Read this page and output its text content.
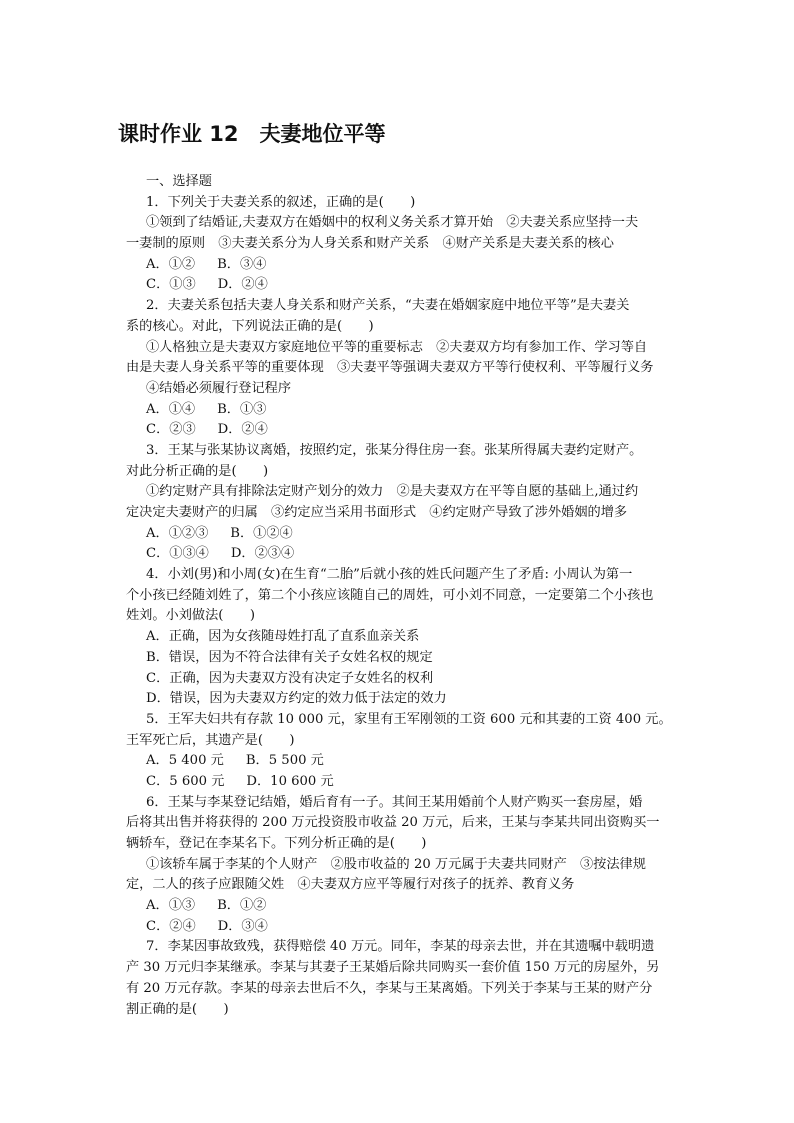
课时作业 12　夫妻地位平等
一、选择题
1．下列关于夫妻关系的叙述，正确的是(　　)
①领到了结婚证,夫妻双方在婚姻中的权利义务关系才算开始　②夫妻关系应坚持一夫
一妻制的原则　③夫妻关系分为人身关系和财产关系　④财产关系是夫妻关系的核心
A．①② B．③④
C．①③ D．②④
2．夫妻关系包括夫妻人身关系和财产关系，“夫妻在婚姻家庭中地位平等”是夫妻关
系的核心。对此，下列说法正确的是(　　)
①人格独立是夫妻双方家庭地位平等的重要标志　②夫妻双方均有参加工作、学习等自
由是夫妻人身关系平等的重要体现　③夫妻平等强调夫妻双方平等行使权利、平等履行义务
④结婚必须履行登记程序
A．①④ B．①③
C．②③ D．②④
3．王某与张某协议离婚，按照约定，张某分得住房一套。张某所得属夫妻约定财产。
对此分析正确的是(　　)
①约定财产具有排除法定财产划分的效力　②是夫妻双方在平等自愿的基础上,通过约
定决定夫妻财产的归属　③约定应当采用书面形式　④约定财产导致了涉外婚姻的增多
A．①②③ B．①②④
C．①③④ D．②③④
4．小刘(男)和小周(女)在生育“二胎”后就小孩的姓氏问题产生了矛盾: 小周认为第一
个小孩已经随刘姓了，第二个小孩应该随自己的周姓，可小刘不同意，一定要第二个小孩也
姓刘。小刘做法(　　)
A．正确，因为女孩随母姓打乱了直系血亲关系
B．错误，因为不符合法律有关子女姓名权的规定
C．正确，因为夫妻双方没有决定子女姓名的权利
D．错误，因为夫妻双方约定的效力低于法定的效力
5．王军夫妇共有存款 10 000 元，家里有王军刚领的工资 600 元和其妻的工资 400 元。
王军死亡后，其遗产是(　　)
A．5 400 元 B．5 500 元
C．5 600 元 D．10 600 元
6．王某与李某登记结婚，婚后育有一子。其间王某用婚前个人财产购买一套房屋，婚
后将其出售并将获得的 200 万元投资股市收益 20 万元，后来，王某与李某共同出资购买一
辆轿车，登记在李某名下。下列分析正确的是(　　)
①该轿车属于李某的个人财产　②股市收益的 20 万元属于夫妻共同财产　③按法律规
定，二人的孩子应跟随父姓　④夫妻双方应平等履行对孩子的抚养、教育义务
A．①③ B．①②
C．②④ D．③④
7．李某因事故致残，获得赔偿 40 万元。同年，李某的母亲去世，并在其遗嘱中载明遗
产 30 万元归李某继承。李某与其妻子王某婚后除共同购买一套价值 150 万元的房屋外，另
有 20 万元存款。李某的母亲去世后不久，李某与王某离婚。下列关于李某与王某的财产分
割正确的是(　　)
